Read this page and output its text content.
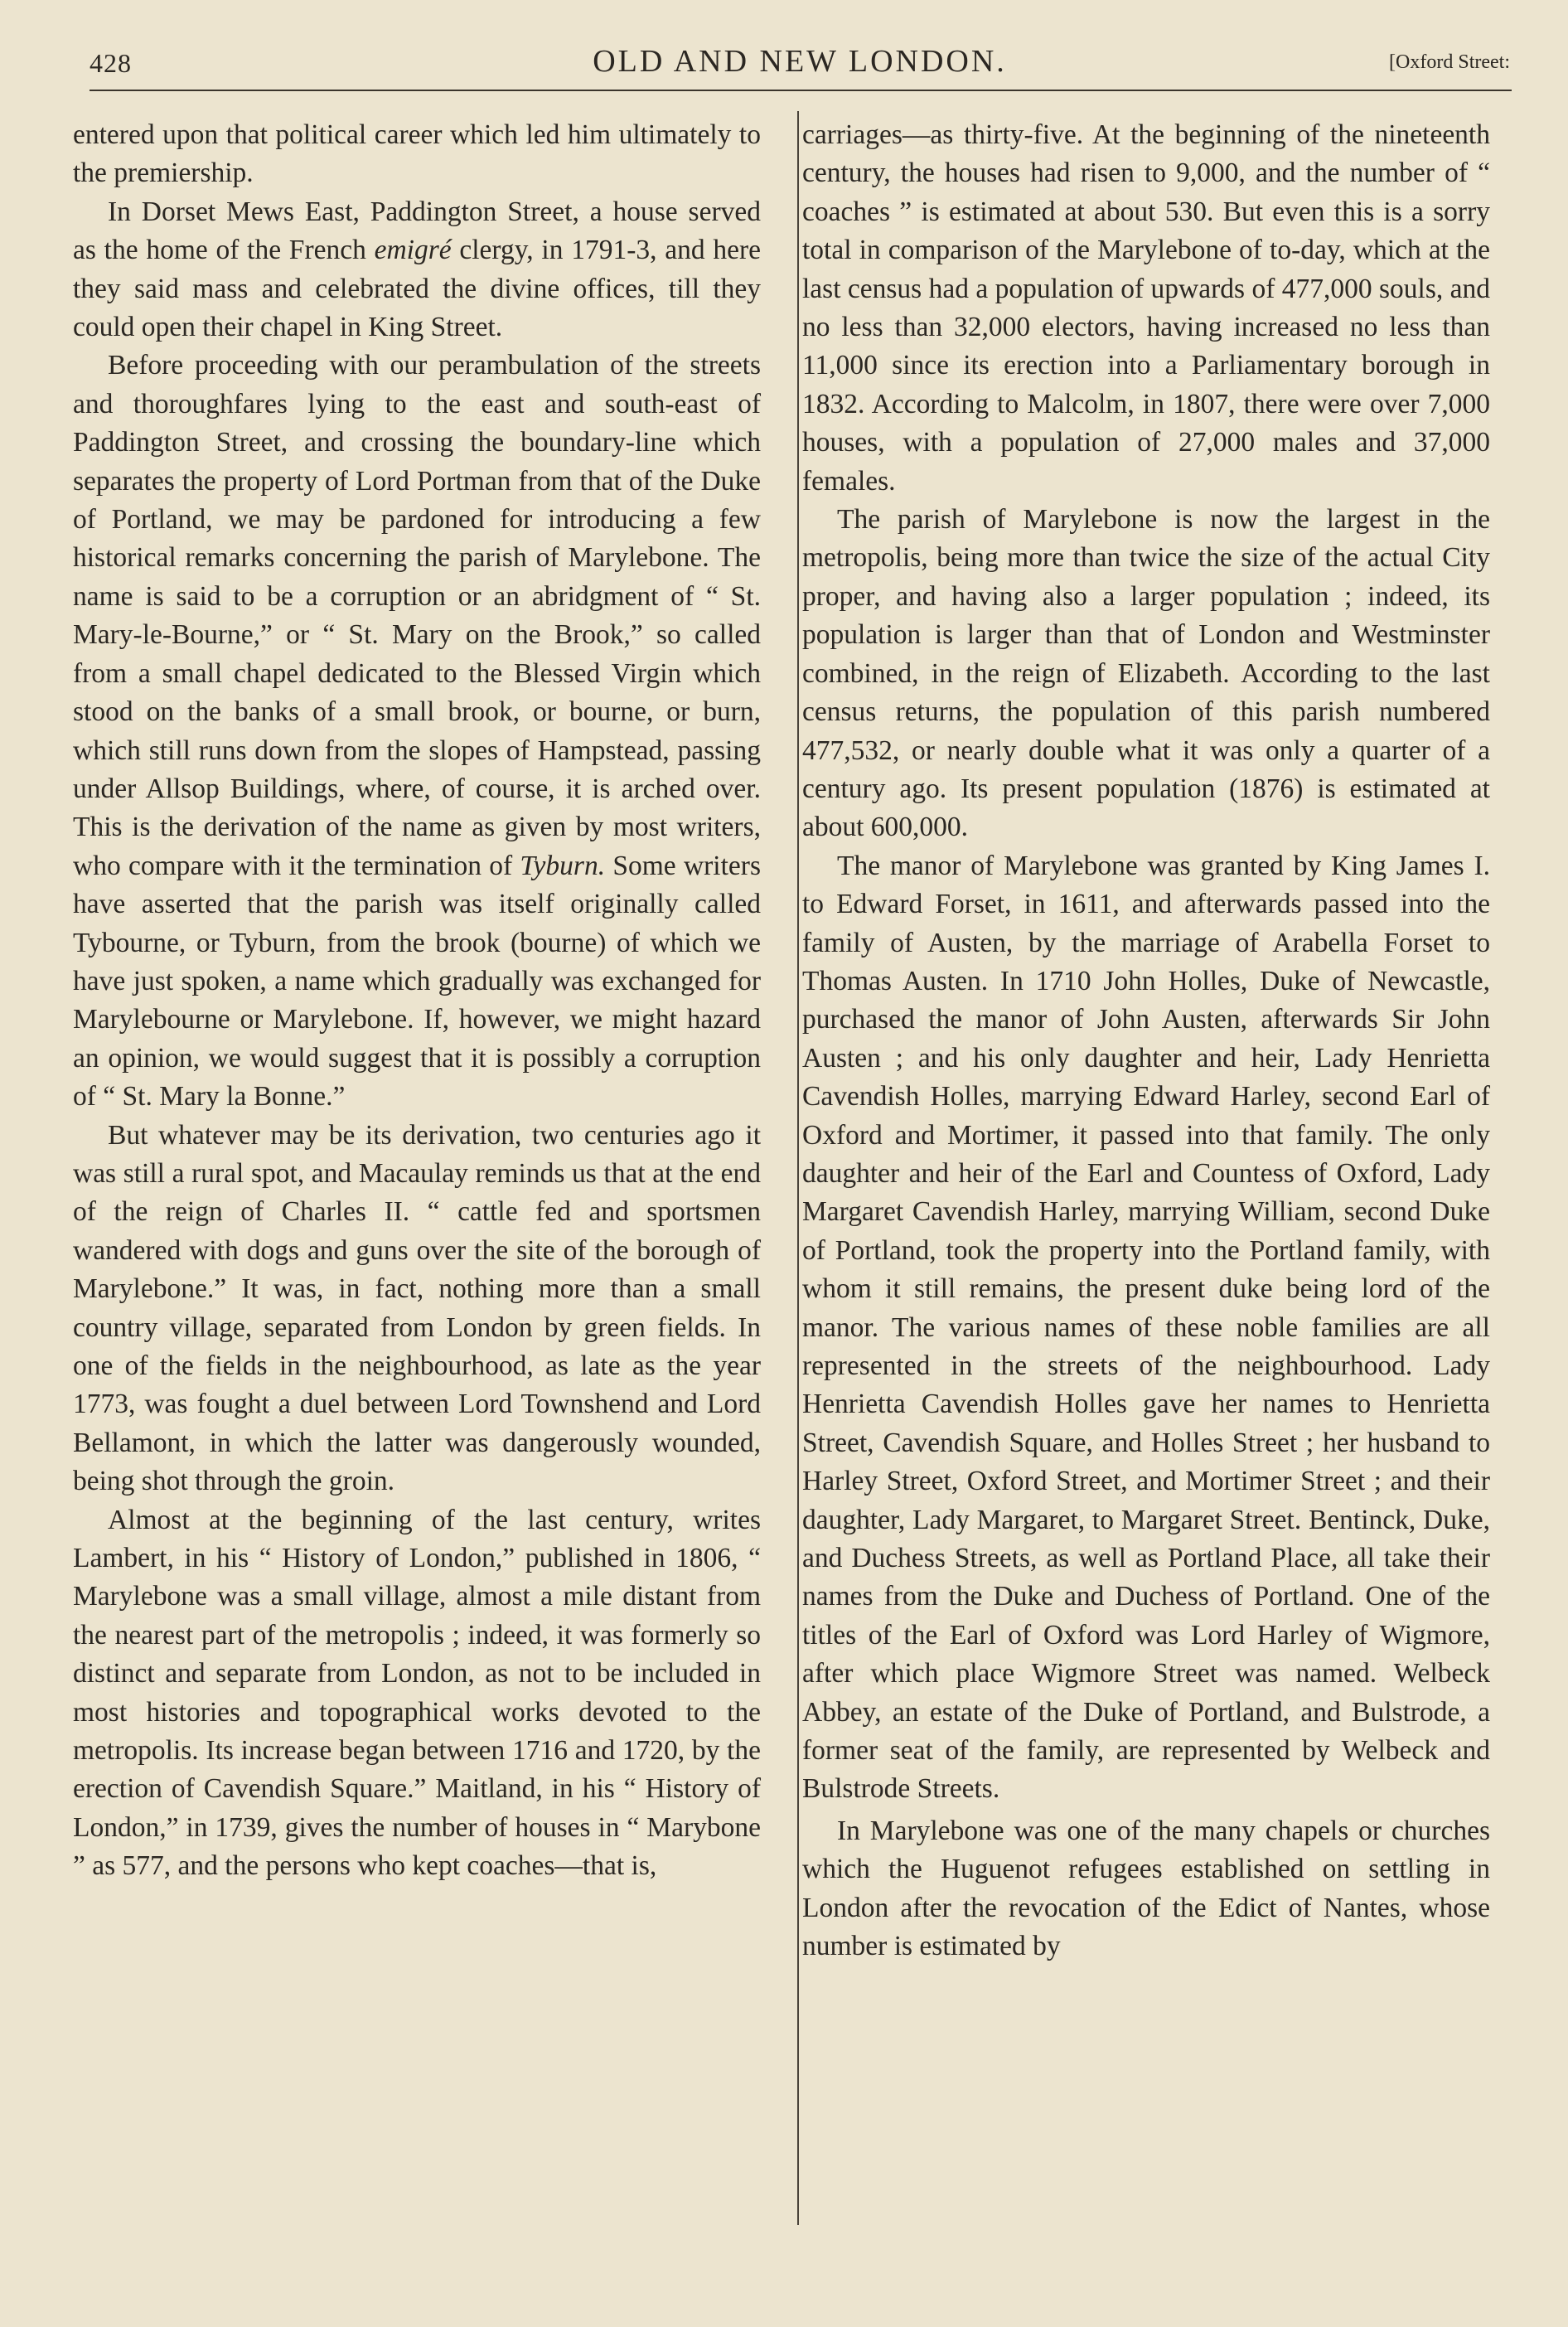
428	OLD AND NEW LONDON.	[Oxford Street:

entered upon that political career which led him ultimately to the premiership.

In Dorset Mews East, Paddington Street, a house served as the home of the French emigré clergy, in 1791-3, and here they said mass and celebrated the divine offices, till they could open their chapel in King Street.

Before proceeding with our perambulation of the streets and thoroughfares lying to the east and south-east of Paddington Street, and crossing the boundary-line which separates the property of Lord Portman from that of the Duke of Portland, we may be pardoned for introducing a few historical remarks concerning the parish of Marylebone. The name is said to be a corruption or an abridgment of “ St. Mary-le-Bourne,” or “ St. Mary on the Brook,” so called from a small chapel dedicated to the Blessed Virgin which stood on the banks of a small brook, or bourne, or burn, which still runs down from the slopes of Hampstead, passing under Allsop Buildings, where, of course, it is arched over. This is the derivation of the name as given by most writers, who compare with it the termination of Tyburn. Some writers have asserted that the parish was itself originally called Tybourne, or Tyburn, from the brook (bourne) of which we have just spoken, a name which gradually was exchanged for Marylebourne or Marylebone. If, however, we might hazard an opinion, we would suggest that it is possibly a corruption of “ St. Mary la Bonne.”

But whatever may be its derivation, two centuries ago it was still a rural spot, and Macaulay reminds us that at the end of the reign of Charles II. “ cattle fed and sportsmen wandered with dogs and guns over the site of the borough of Marylebone.” It was, in fact, nothing more than a small country village, separated from London by green fields. In one of the fields in the neighbourhood, as late as the year 1773, was fought a duel between Lord Townshend and Lord Bellamont, in which the latter was dangerously wounded, being shot through the groin.

Almost at the beginning of the last century, writes Lambert, in his “ History of London,” published in 1806, “ Marylebone was a small village, almost a mile distant from the nearest part of the metropolis ; indeed, it was formerly so distinct and separate from London, as not to be included in most histories and topographical works devoted to the metropolis. Its increase began between 1716 and 1720, by the erection of Cavendish Square.” Maitland, in his “ History of London,” in 1739, gives the number of houses in “ Marybone ” as 577, and the persons who kept coaches—that is,

carriages—as thirty-five. At the beginning of the nineteenth century, the houses had risen to 9,000, and the number of “ coaches ” is estimated at about 530. But even this is a sorry total in comparison of the Marylebone of to-day, which at the last census had a population of upwards of 477,000 souls, and no less than 32,000 electors, having increased no less than 11,000 since its erection into a Parliamentary borough in 1832. According to Malcolm, in 1807, there were over 7,000 houses, with a population of 27,000 males and 37,000 females.

The parish of Marylebone is now the largest in the metropolis, being more than twice the size of the actual City proper, and having also a larger population ; indeed, its population is larger than that of London and Westminster combined, in the reign of Elizabeth. According to the last census returns, the population of this parish numbered 477,532, or nearly double what it was only a quarter of a century ago. Its present population (1876) is estimated at about 600,000.

The manor of Marylebone was granted by King James I. to Edward Forset, in 1611, and afterwards passed into the family of Austen, by the marriage of Arabella Forset to Thomas Austen. In 1710 John Holles, Duke of Newcastle, purchased the manor of John Austen, afterwards Sir John Austen ; and his only daughter and heir, Lady Henrietta Cavendish Holles, marrying Edward Harley, second Earl of Oxford and Mortimer, it passed into that family. The only daughter and heir of the Earl and Countess of Oxford, Lady Margaret Cavendish Harley, marrying William, second Duke of Portland, took the property into the Portland family, with whom it still remains, the present duke being lord of the manor. The various names of these noble families are all represented in the streets of the neighbourhood. Lady Henrietta Cavendish Holles gave her names to Henrietta Street, Cavendish Square, and Holles Street ; her husband to Harley Street, Oxford Street, and Mortimer Street ; and their daughter, Lady Margaret, to Margaret Street. Bentinck, Duke, and Duchess Streets, as well as Portland Place, all take their names from the Duke and Duchess of Portland. One of the titles of the Earl of Oxford was Lord Harley of Wigmore, after which place Wigmore Street was named. Welbeck Abbey, an estate of the Duke of Portland, and Bulstrode, a former seat of the family, are represented by Welbeck and Bulstrode Streets.

In Marylebone was one of the many chapels or churches which the Huguenot refugees established on settling in London after the revocation of the Edict of Nantes, whose number is estimated by
